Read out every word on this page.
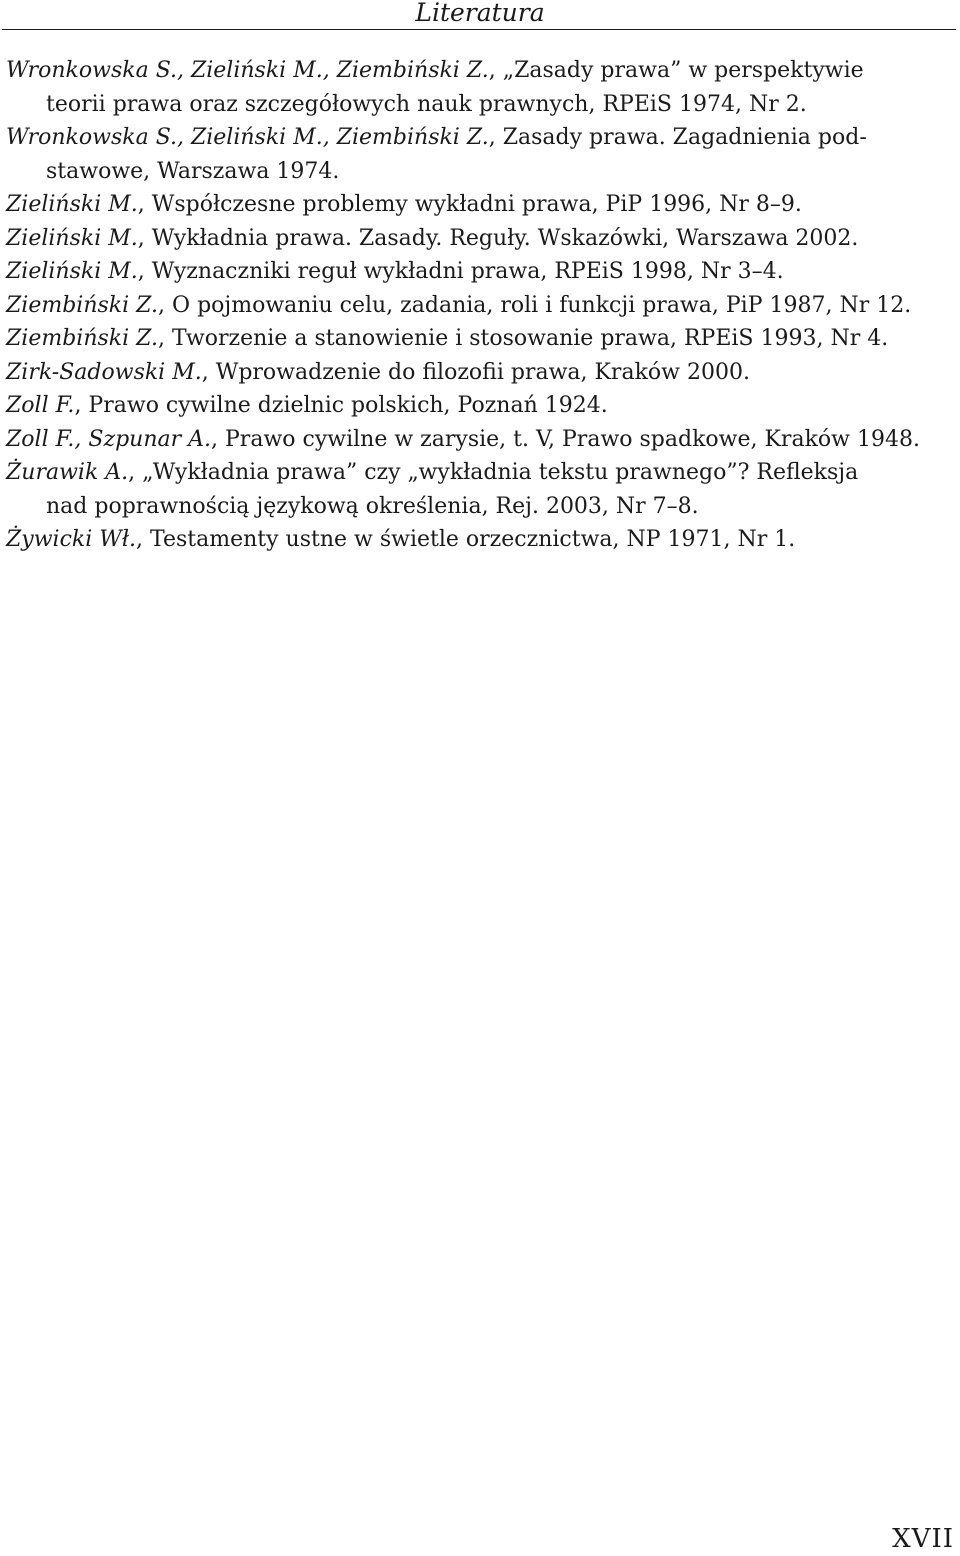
Literatura
Wronkowska S., Zieliński M., Ziembiński Z., „Zasady prawa” w perspektywie
teorii prawa oraz szczegółowych nauk prawnych, RPEiS 1974, Nr 2.
Wronkowska S., Zieliński M., Ziembiński Z., Zasady prawa. Zagadnienia pod-
stawowe, Warszawa 1974.
Zieliński M., Współczesne problemy wykładni prawa, PiP 1996, Nr 8–9.
Zieliński M., Wykładnia prawa. Zasady. Reguły. Wskazówki, Warszawa 2002.
Zieliński M., Wyznaczniki reguł wykładni prawa, RPEiS 1998, Nr 3–4.
Ziembiński Z., O pojmowaniu celu, zadania, roli i funkcji prawa, PiP 1987, Nr 12.
Ziembiński Z., Tworzenie a stanowienie i stosowanie prawa, RPEiS 1993, Nr 4.
Zirk-Sadowski M., Wprowadzenie do filozofii prawa, Kraków 2000.
Zoll F., Prawo cywilne dzielnic polskich, Poznań 1924.
Zoll F., Szpunar A., Prawo cywilne w zarysie, t. V, Prawo spadkowe, Kraków 1948.
Żurawik A., „Wykładnia prawa” czy „wykładnia tekstu prawnego”? Refleksja
nad poprawnością językową określenia, Rej. 2003, Nr 7–8.
Żywicki Wł., Testamenty ustne w świetle orzecznictwa, NP 1971, Nr 1.
XVII
